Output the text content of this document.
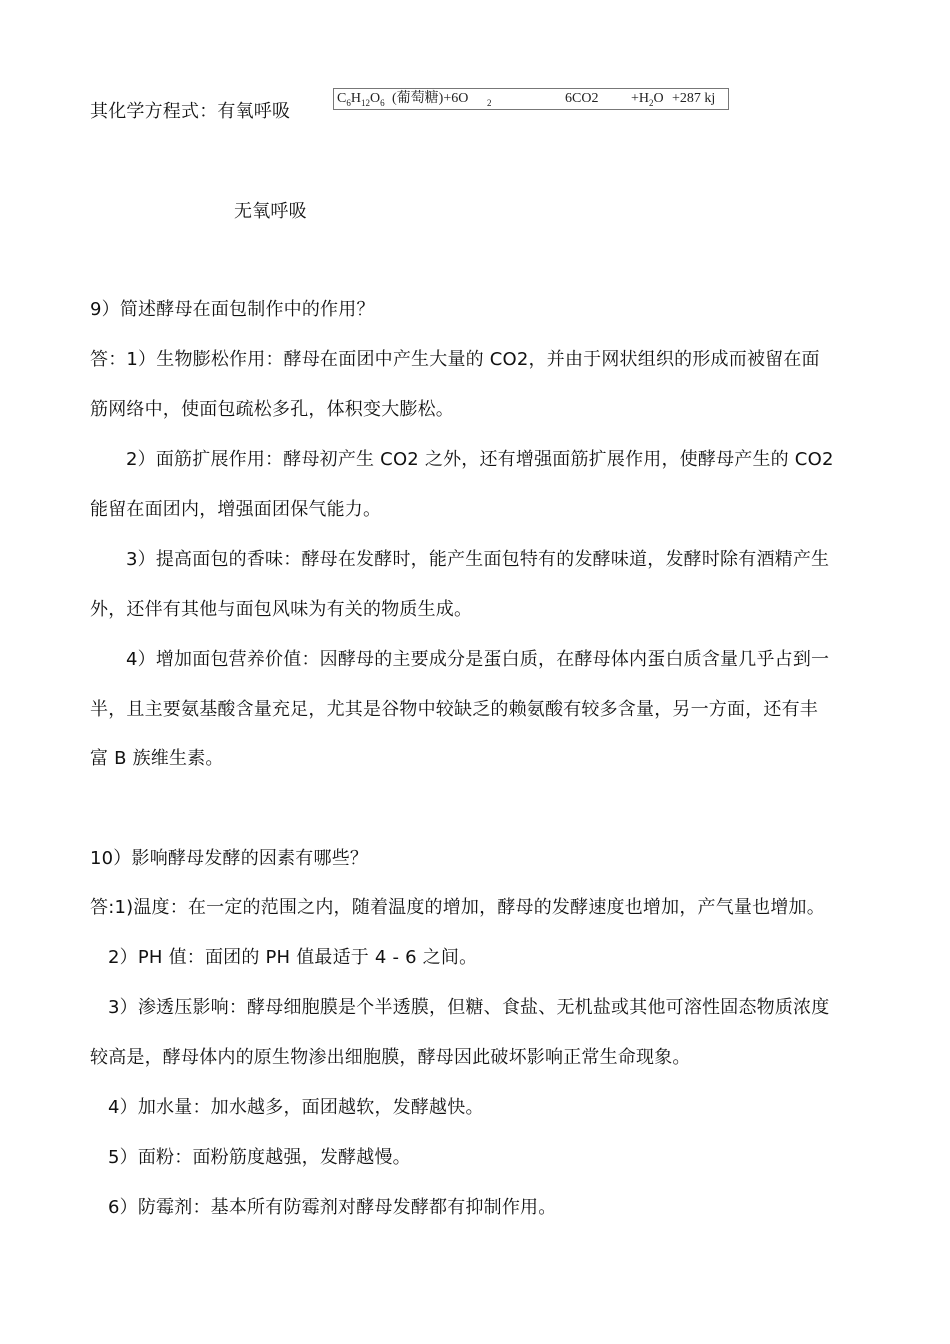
其化学方程式：有氧呼吸
$C_6H_{12}O_6$ (葡萄糖)+6O $_2$	$6CO2 +H_2O +287$ kj
无氧呼吸
9）简述酵母在面包制作中的作用？
答：1）生物膨松作用：酵母在面团中产生大量的 CO2，并由于网状组织的形成而被留在面
筋网络中，使面包疏松多孔，体积变大膨松。
2）面筋扩展作用：酵母初产生 CO2 之外，还有增强面筋扩展作用，使酵母产生的 CO2
能留在面团内，增强面团保气能力。
3）提高面包的香味：酵母在发酵时，能产生面包特有的发酵味道，发酵时除有酒精产生
外，还伴有其他与面包风味为有关的物质生成。
4）增加面包营养价值：因酵母的主要成分是蛋白质，在酵母体内蛋白质含量几乎占到一
半，且主要氨基酸含量充足，尤其是谷物中较缺乏的赖氨酸有较多含量，另一方面，还有丰
富 B 族维生素。
10）影响酵母发酵的因素有哪些？
答:1)温度：在一定的范围之内，随着温度的增加，酵母的发酵速度也增加，产气量也增加。
2）PH 值：面团的 PH 值最适于 4 - 6 之间。
3）渗透压影响：酵母细胞膜是个半透膜，但糖、食盐、无机盐或其他可溶性固态物质浓度
较高是，酵母体内的原生物渗出细胞膜，酵母因此破坏影响正常生命现象。
4）加水量：加水越多，面团越软，发酵越快。
5）面粉：面粉筋度越强，发酵越慢。
6）防霉剂：基本所有防霉剂对酵母发酵都有抑制作用。
